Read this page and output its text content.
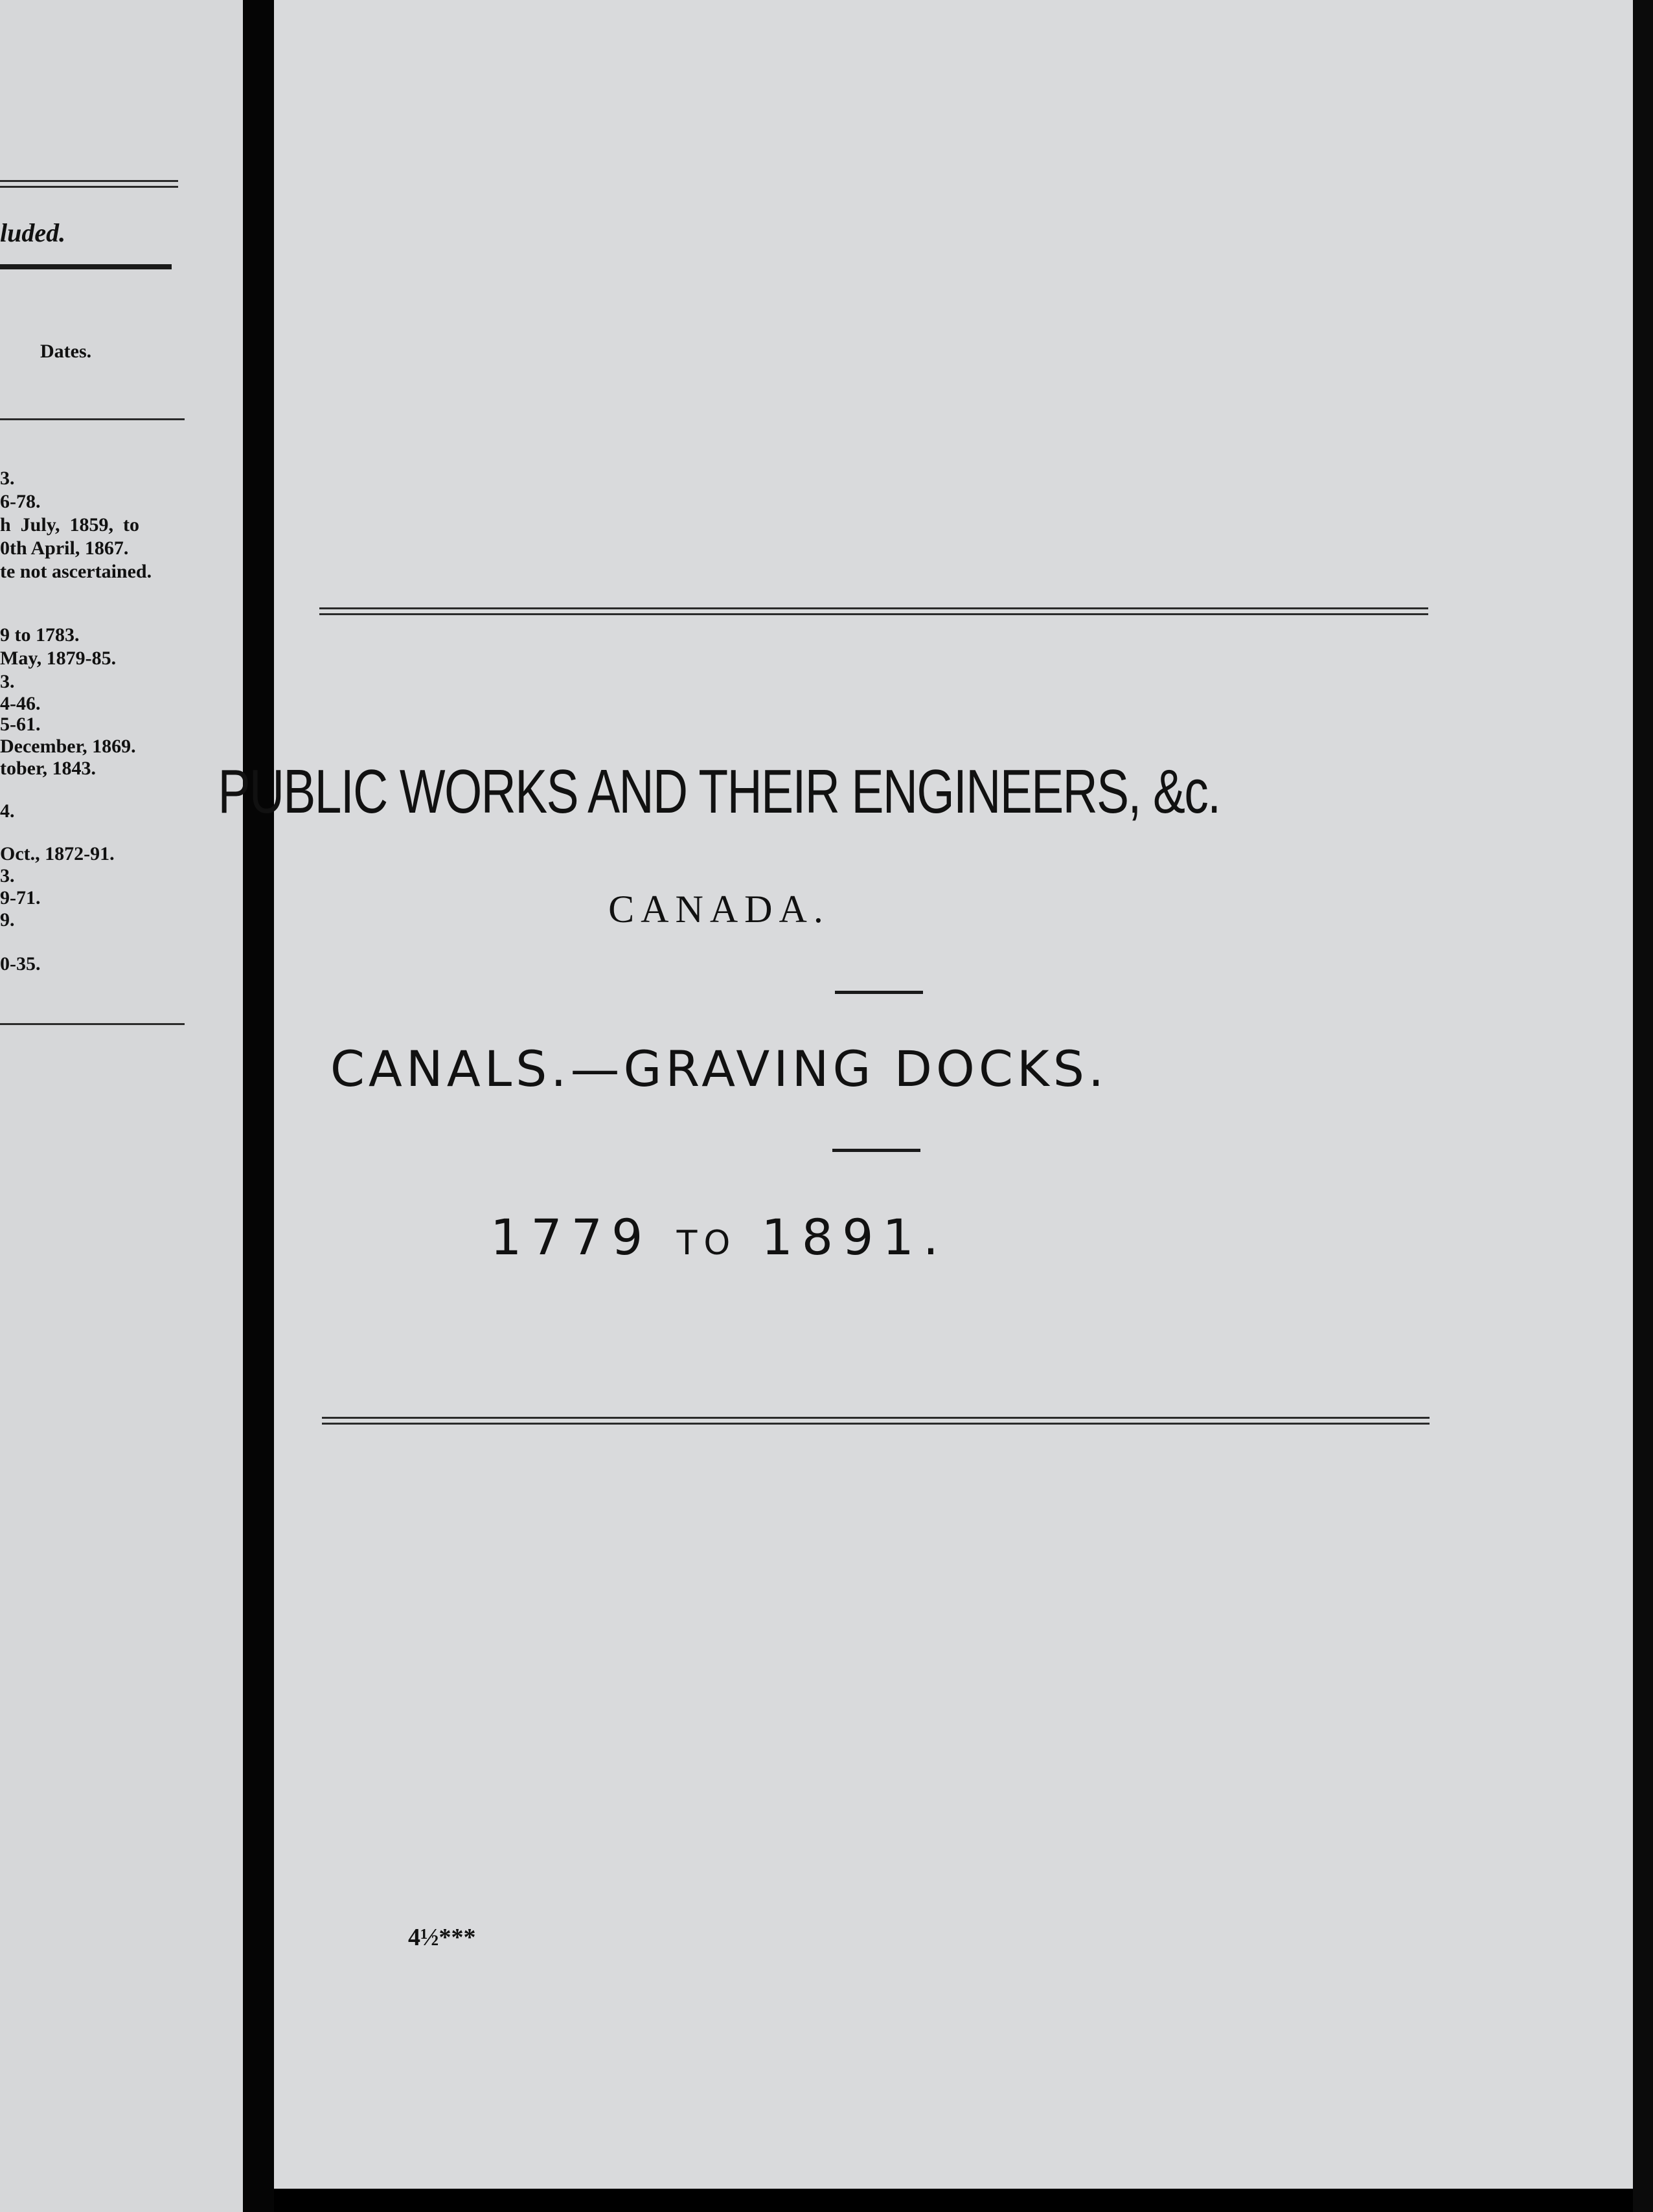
luded.
Dates.
3.
6-78.
h  July,  1859,  to
0th April, 1867.
te not ascertained.
9 to 1783.
May, 1879-85.
3.
4-46.
5-61.
December, 1869.
tober, 1843.
4.
Oct., 1872-91.
3.
9-71.
9.
0-35.
PUBLIC WORKS AND THEIR ENGINEERS, &c.
CANADA.
CANALS.—GRAVING DOCKS.
1779 TO 1891.
4½***
